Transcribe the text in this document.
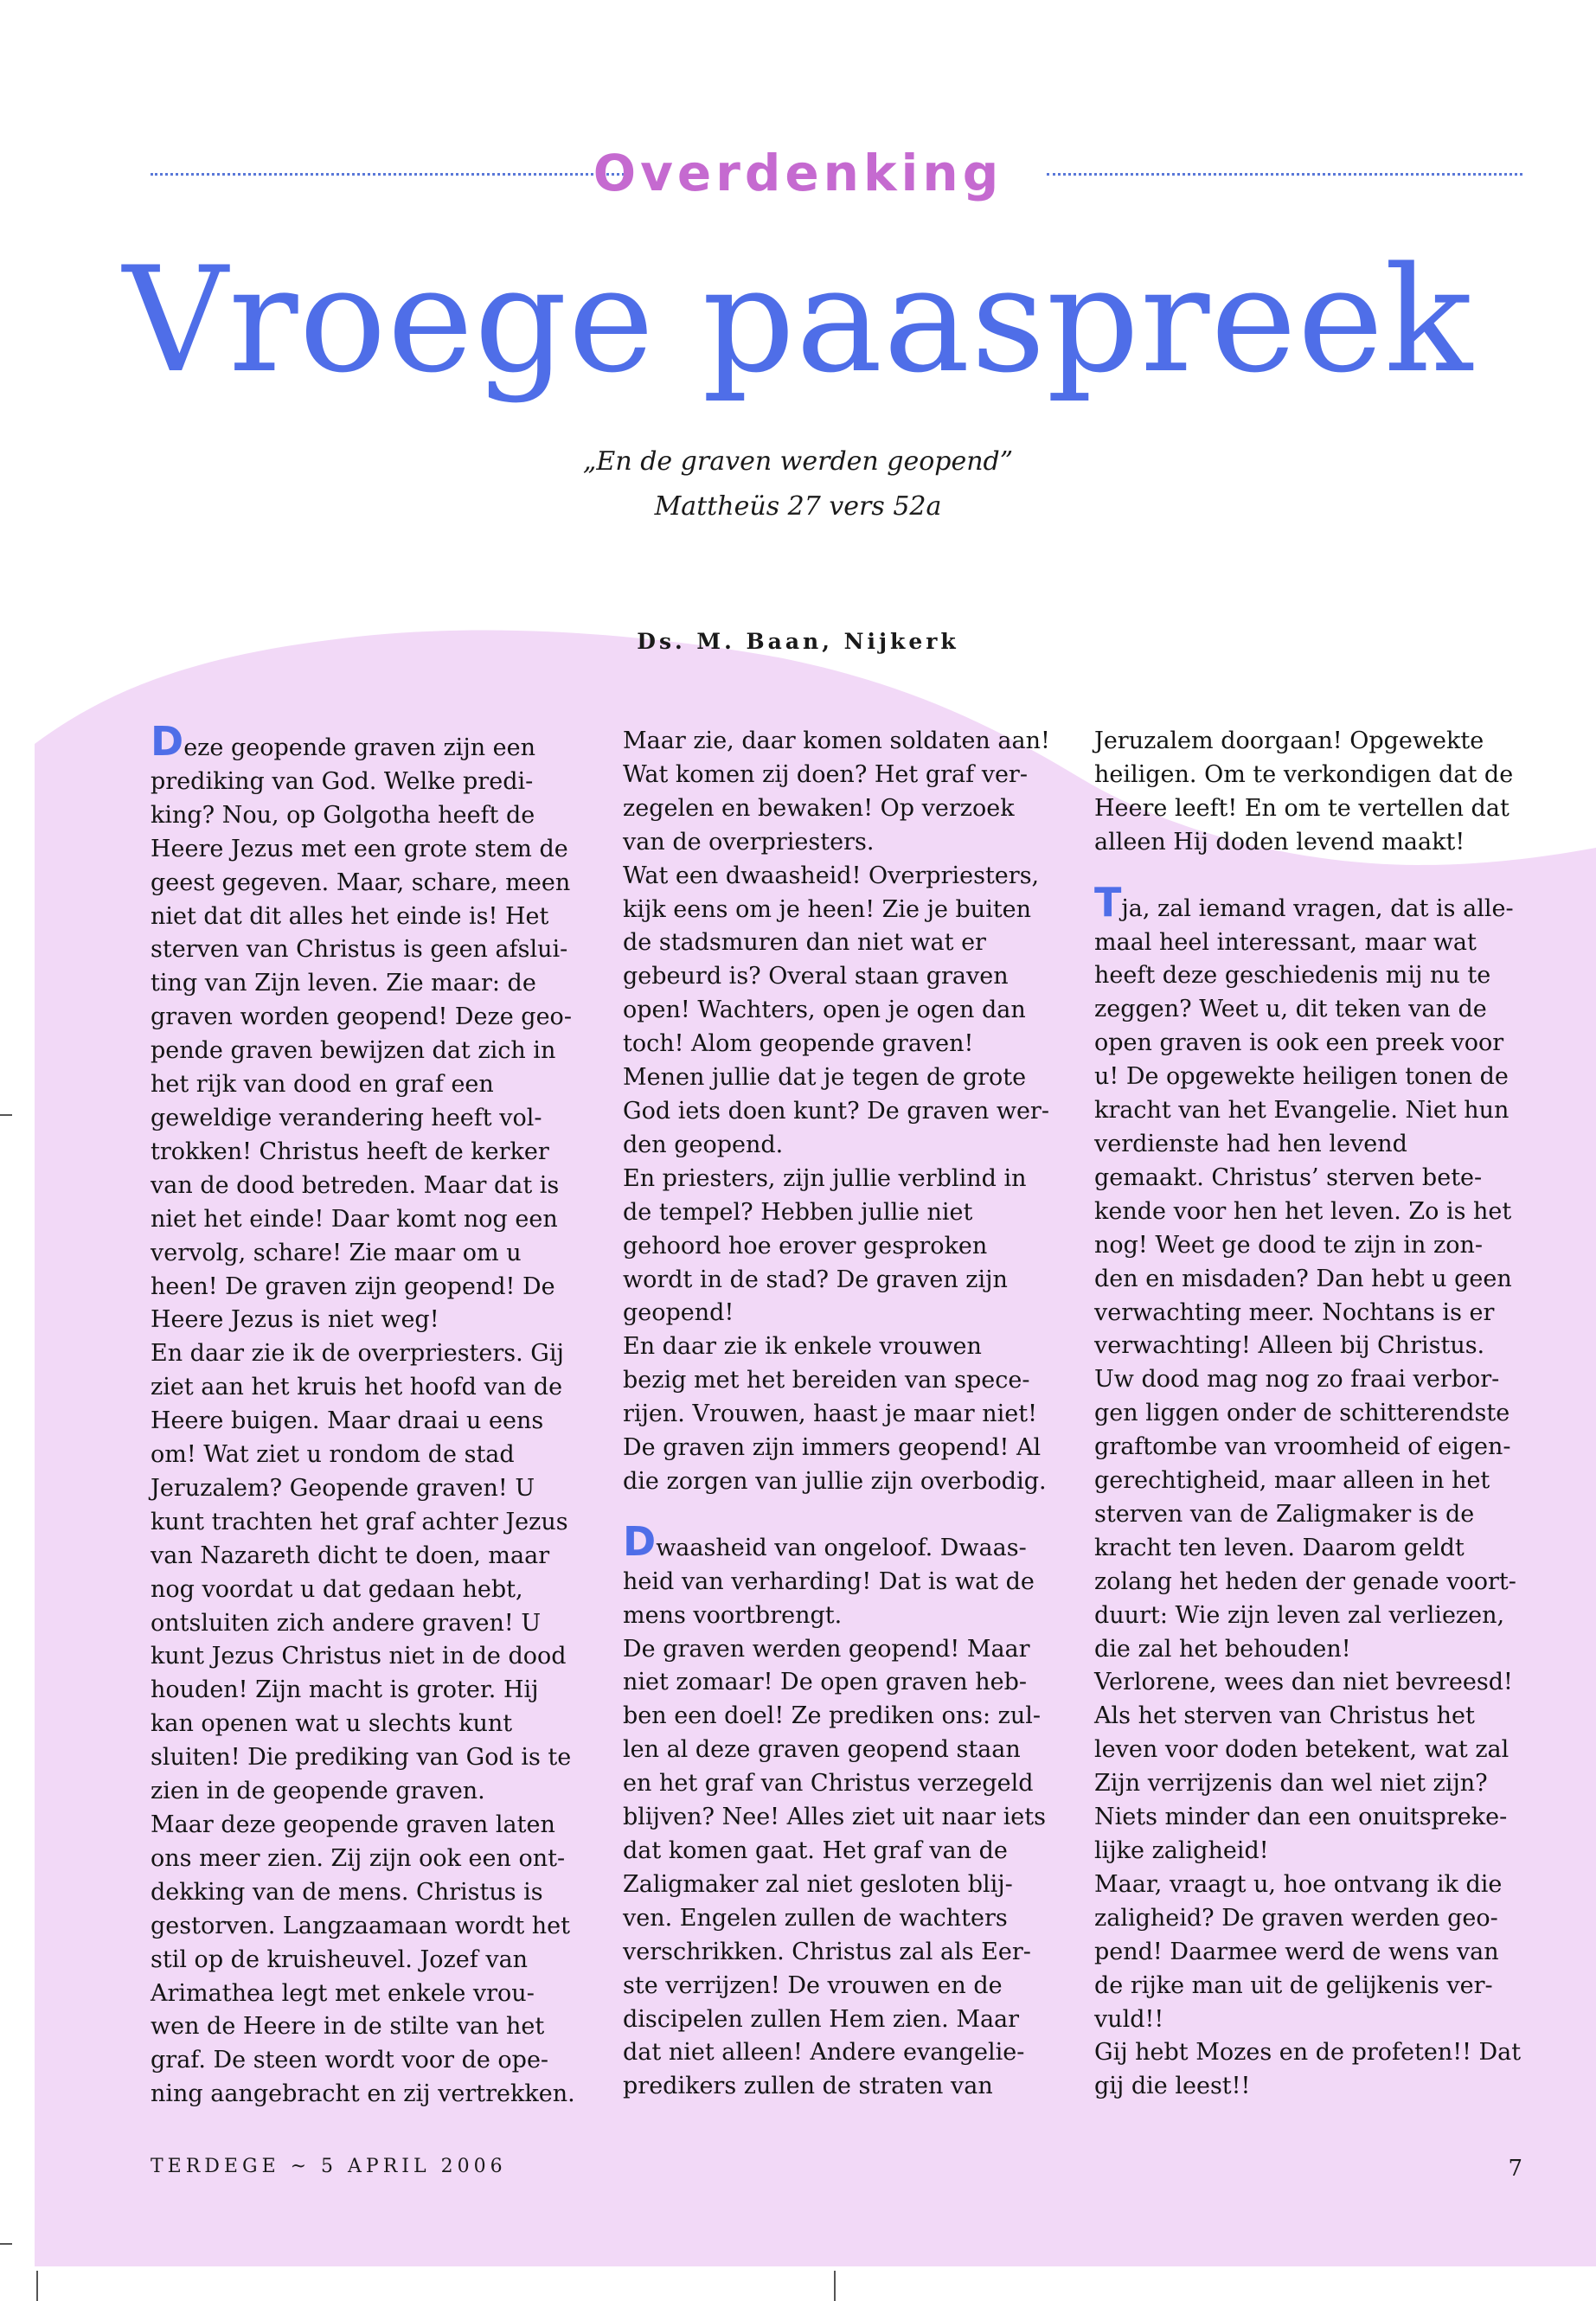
Overdenking
Vroege paaspreek
„En de graven werden geopend”
Mattheüs 27 vers 52a
Ds. M. Baan, Nijkerk

Deze geopende graven zijn een

prediking van God. Welke predi-

king? Nou, op Golgotha heeft de

Heere Jezus met een grote stem de

geest gegeven. Maar, schare, meen

niet dat dit alles het einde is! Het

sterven van Christus is geen afslui-

ting van Zijn leven. Zie maar: de

graven worden geopend! Deze geo-

pende graven bewijzen dat zich in

het rijk van dood en graf een

geweldige verandering heeft vol-

trokken! Christus heeft de kerker

van de dood betreden. Maar dat is

niet het einde! Daar komt nog een

vervolg, schare! Zie maar om u

heen! De graven zijn geopend! De

Heere Jezus is niet weg!

En daar zie ik de overpriesters. Gij

ziet aan het kruis het hoofd van de

Heere buigen. Maar draai u eens

om! Wat ziet u rondom de stad

Jeruzalem? Geopende graven! U

kunt trachten het graf achter Jezus

van Nazareth dicht te doen, maar

nog voordat u dat gedaan hebt,

ontsluiten zich andere graven! U

kunt Jezus Christus niet in de dood

houden! Zijn macht is groter. Hij

kan openen wat u slechts kunt

sluiten! Die prediking van God is te

zien in de geopende graven.

Maar deze geopende graven laten

ons meer zien. Zij zijn ook een ont-

dekking van de mens. Christus is

gestorven. Langzaamaan wordt het

stil op de kruisheuvel. Jozef van

Arimathea legt met enkele vrou-

wen de Heere in de stilte van het

graf. De steen wordt voor de ope-

ning aangebracht en zij vertrekken.

Maar zie, daar komen soldaten aan!

Wat komen zij doen? Het graf ver-

zegelen en bewaken! Op verzoek

van de overpriesters.

Wat een dwaasheid! Overpriesters,

kijk eens om je heen! Zie je buiten

de stadsmuren dan niet wat er

gebeurd is? Overal staan graven

open! Wachters, open je ogen dan

toch! Alom geopende graven!

Menen jullie dat je tegen de grote

God iets doen kunt? De graven wer-

den geopend.

En priesters, zijn jullie verblind in

de tempel? Hebben jullie niet

gehoord hoe erover gesproken

wordt in de stad? De graven zijn

geopend!

En daar zie ik enkele vrouwen

bezig met het bereiden van spece-

rijen. Vrouwen, haast je maar niet!

De graven zijn immers geopend! Al

die zorgen van jullie zijn overbodig.

Dwaasheid van ongeloof. Dwaas-

heid van verharding! Dat is wat de

mens voortbrengt.

De graven werden geopend! Maar

niet zomaar! De open graven heb-

ben een doel! Ze prediken ons: zul-

len al deze graven geopend staan

en het graf van Christus verzegeld

blijven? Nee! Alles ziet uit naar iets

dat komen gaat. Het graf van de

Zaligmaker zal niet gesloten blij-

ven. Engelen zullen de wachters

verschrikken. Christus zal als Eer-

ste verrijzen! De vrouwen en de

discipelen zullen Hem zien. Maar

dat niet alleen! Andere evangelie-

predikers zullen de straten van

Jeruzalem doorgaan! Opgewekte

heiligen. Om te verkondigen dat de

Heere leeft! En om te vertellen dat

alleen Hij doden levend maakt!

Tja, zal iemand vragen, dat is alle-

maal heel interessant, maar wat

heeft deze geschiedenis mij nu te

zeggen? Weet u, dit teken van de

open graven is ook een preek voor

u! De opgewekte heiligen tonen de

kracht van het Evangelie. Niet hun

verdienste had hen levend

gemaakt. Christus’ sterven bete-

kende voor hen het leven. Zo is het

nog! Weet ge dood te zijn in zon-

den en misdaden? Dan hebt u geen

verwachting meer. Nochtans is er

verwachting! Alleen bij Christus.

Uw dood mag nog zo fraai verbor-

gen liggen onder de schitterendste

graftombe van vroomheid of eigen-

gerechtigheid, maar alleen in het

sterven van de Zaligmaker is de

kracht ten leven. Daarom geldt

zolang het heden der genade voort-

duurt: Wie zijn leven zal verliezen,

die zal het behouden!

Verlorene, wees dan niet bevreesd!

Als het sterven van Christus het

leven voor doden betekent, wat zal

Zijn verrijzenis dan wel niet zijn?

Niets minder dan een onuitspreke-

lijke zaligheid!

Maar, vraagt u, hoe ontvang ik die

zaligheid? De graven werden geo-

pend! Daarmee werd de wens van

de rijke man uit de gelijkenis ver-

vuld!!

Gij hebt Mozes en de profeten!! Dat

gij die leest!!

TERDEGE ~ 5 APRIL 2006	7
